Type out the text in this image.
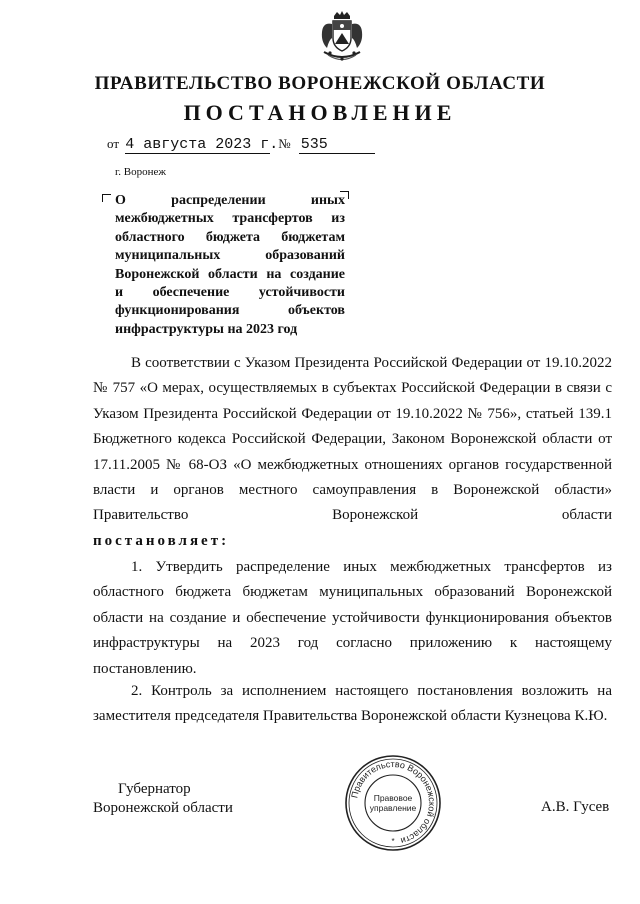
ПРАВИТЕЛЬСТВО ВОРОНЕЖСКОЙ ОБЛАСТИ
ПОСТАНОВЛЕНИЕ
от 4 августа 2023 г. № 535
г. Воронеж
О распределении иных
межбюджетных трансфертов из
областного бюджета бюджетам
муниципальных образований
Воронежской области на создание
и обеспечение устойчивости
функционирования объектов
инфраструктуры на 2023 год

В соответствии с Указом Президента Российской Федерации от 19.10.2022 № 757 «О мерах, осуществляемых в субъектах Российской Федерации в связи с Указом Президента Российской Федерации от 19.10.2022 № 756», статьей 139.1 Бюджетного кодекса Российской Федерации, Законом Воронежской области от 17.11.2005 № 68-ОЗ «О межбюджетных отношениях органов государственной власти и органов местного самоуправления в Воронежской области» Правительство Воронежской области

постановляет:

1. Утвердить распределение иных межбюджетных трансфертов из областного бюджета бюджетам муниципальных образований Воронежской области на создание и обеспечение устойчивости функционирования объектов инфраструктуры на 2023 год согласно приложению к настоящему постановлению.

2. Контроль за исполнением настоящего постановления возложить на заместителя председателя Правительства Воронежской области Кузнецова К.Ю.

Губернатор
Воронежской области
Правительство Воронежской области
Правовое
управление
*
А.В. Гусев
